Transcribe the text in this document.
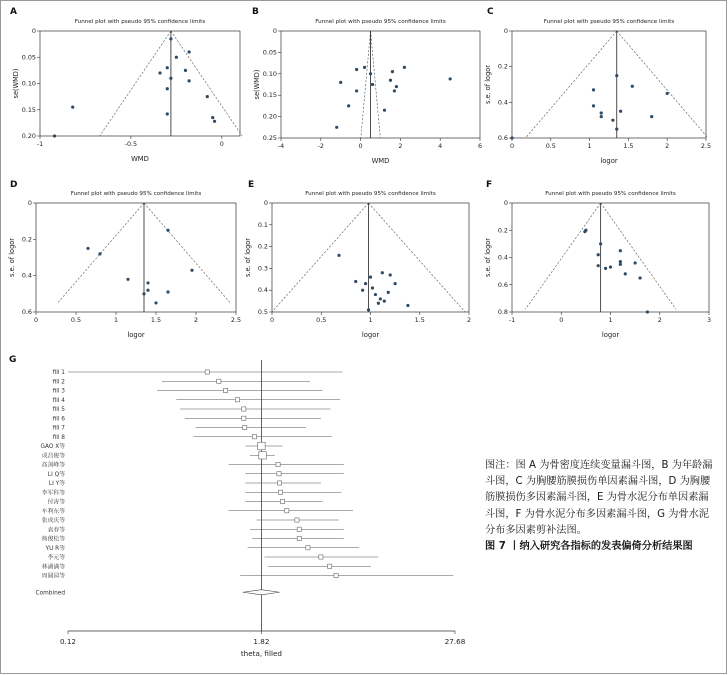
A
Funnel plot with pseudo 95% confidence limits
0
0.05
0.10
0.15
0.20
-1	-0.5	0
WMD
se(WMD)
B
Funnel plot with pseudo 95% confidence limits
0
0.05
0.10
0.15
0.20
0.25
-4	-2	0	2	4	6
WMD
se(WMD)
C
Funnel plot with pseudo 95% confidence limits
0
0.2
0.4
0.6
0	0.5	1	1.5	2	2.5
logor
s.e. of logor
D
Funnel plot with pseudo 95% confidence limits
0
0.2
0.4
0.6
0	0.5	1	1.5	2	2.5
logor
s.e. of logor
E
Funnel plot with pseudo 95% confidence limits
0
0.1
0.2
0.3
0.4
0.5
0	0.5	1	1.5	2
logor
s.e. of logor
F
Funnel plot with pseudo 95% confidence limits
0
0.2
0.4
0.6
0.8
-1	0	1	2	3
logor
s.e. of logor
G
fill 1
fill 2
fill 3
fill 4
fill 5
fill 6
fill 7
fill 8
GAO X等
成昌俊等
高剑峰等
LI Q等
LI Y等
李军科等
付涛等
车利东等
张成庆等
袁春等
杨俊松等
YU R等
李元等
林湖满等
周圆园等
Combined
0.12	1.82	27.68
theta, filled

图注：图 A 为骨密度连续变量漏斗图，B 为年龄漏斗图，C 为胸腰筋膜损伤单因素漏斗图，D 为胸腰筋膜损伤多因素漏斗图，E 为骨水泥分布单因素漏斗图，F 为骨水泥分布多因素漏斗图，G 为骨水泥分布多因素剪补法图。

图 7 丨纳入研究各指标的发表偏倚分析结果图
